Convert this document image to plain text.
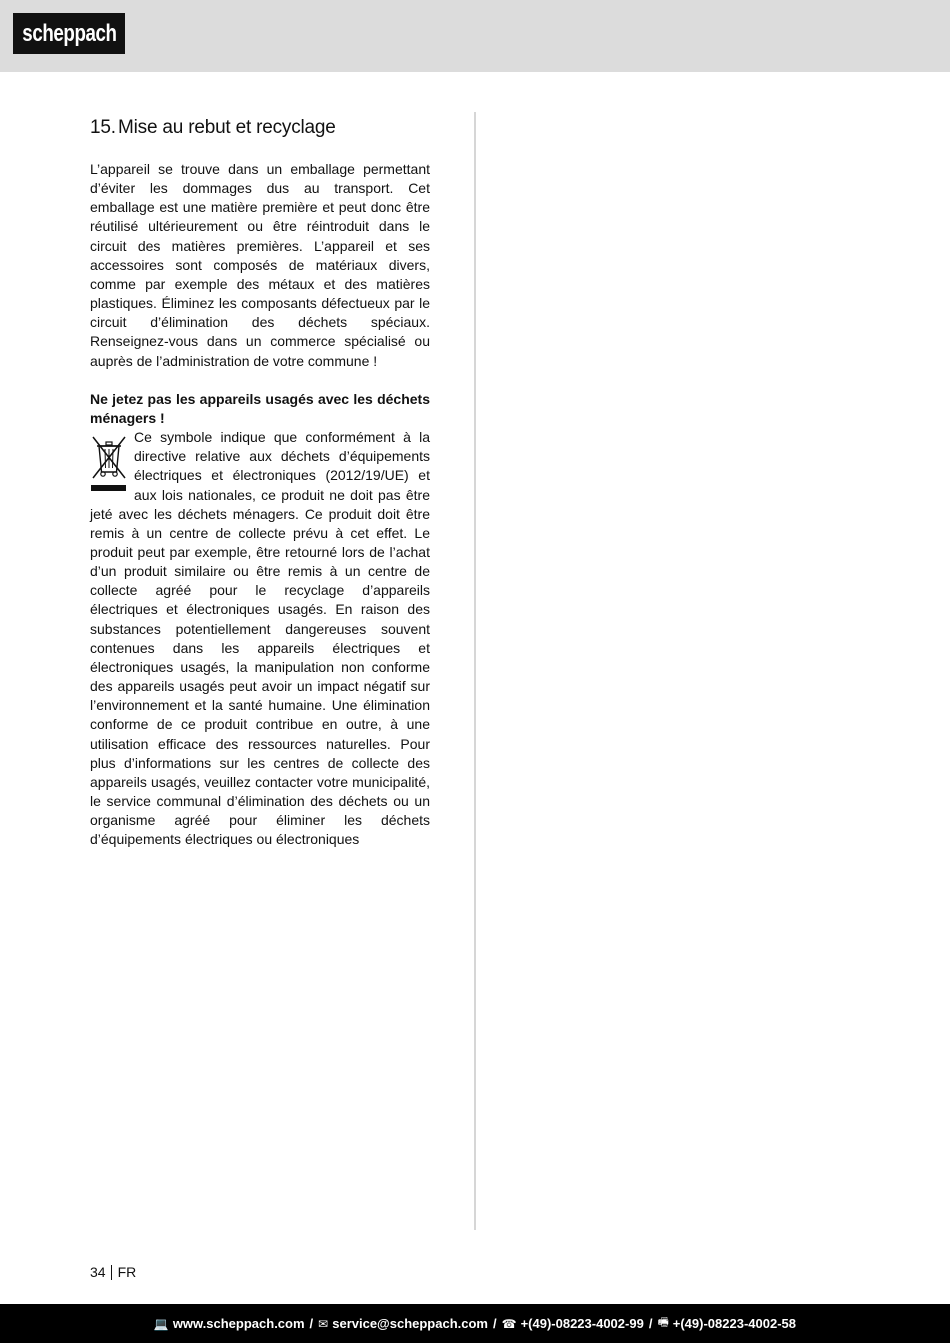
scheppach
15. Mise au rebut et recyclage

L’appareil se trouve dans un emballage permettant d’éviter les dommages dus au transport. Cet emballage est une matière première et peut donc être réutilisé ultérieurement ou être réintroduit dans le circuit des matières premières. L’appareil et ses accessoires sont composés de matériaux divers, comme par exemple des métaux et des matières plastiques. Éliminez les composants défectueux par le circuit d’élimination des déchets spéciaux. Renseignez-vous dans un commerce spécialisé ou auprès de l’administration de votre commune !

Ne jetez pas les appareils usagés avec les déchets ménagers !

Ce symbole indique que conformément à la directive relative aux déchets d’équipements électriques et électroniques (2012/19/UE) et aux lois nationales, ce produit ne doit pas être jeté avec les déchets ménagers. Ce produit doit être remis à un centre de collecte prévu à cet effet. Le produit peut par exemple, être retourné lors de l’achat d’un produit similaire ou être remis à un centre de collecte agréé pour le recyclage d’appareils électriques et électroniques usagés. En raison des substances potentiellement dangereuses souvent contenues dans les appareils électriques et électroniques usagés, la manipulation non conforme des appareils usagés peut avoir un impact négatif sur l’environnement et la santé humaine. Une élimination conforme de ce produit contribue en outre, à une utilisation efficace des ressources naturelles. Pour plus d’informations sur les centres de collecte des appareils usagés, veuillez contacter votre municipalité, le service communal d’élimination des déchets ou un organisme agréé pour éliminer les déchets d’équipements électriques ou électroniques

34 FR
💻 www.scheppach.com / ✉ service@scheppach.com / ☎ +(49)-08223-4002-99 / 🖷 +(49)-08223-4002-58
